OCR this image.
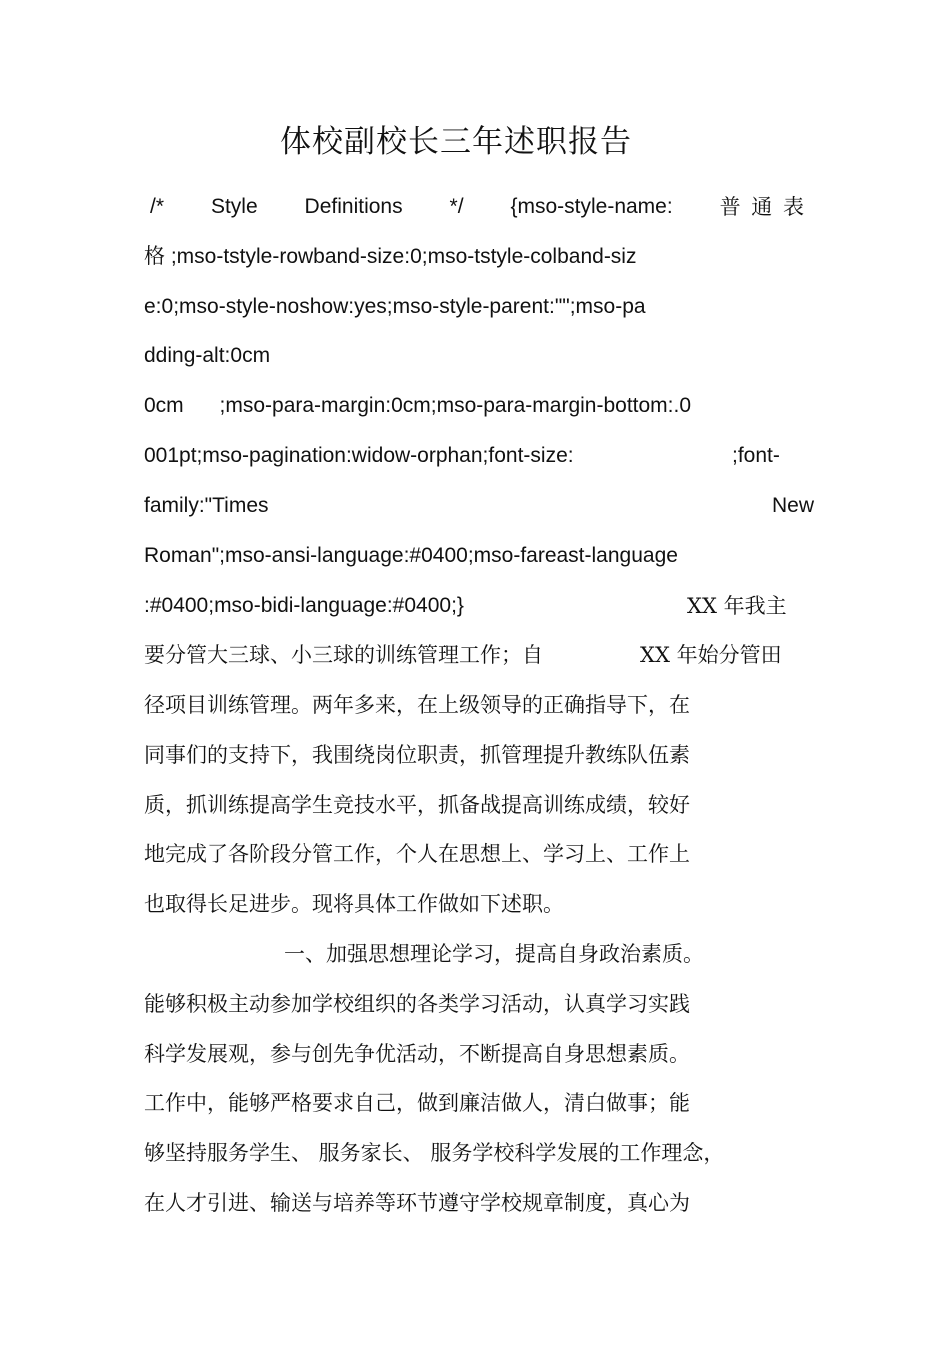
体校副校长三年述职报告
/* Style Definitions */ {mso-style-name: 普 通 表
格 ;mso-tstyle-rowband-size:0;mso-tstyle-colband-siz
e:0;mso-style-noshow:yes;mso-style-parent:"";mso-pa
dding-alt:0cm
0cm ;mso-para-margin:0cm;mso-para-margin-bottom:.0
001pt;mso-pagination:widow-orphan;font-size:	;font-
family:"Times	New
Roman";mso-ansi-language:#0400;mso-fareast-language
:#0400;mso-bidi-language:#0400;}	XX 年我主
要分管大三球、小三球的训练管理工作；自	XX 年始分管田
径项目训练管理。两年多来，在上级领导的正确指导下，在
同事们的支持下，我围绕岗位职责，抓管理提升教练队伍素
质，抓训练提高学生竞技水平，抓备战提高训练成绩，较好
地完成了各阶段分管工作，个人在思想上、学习上、工作上
也取得长足进步。现将具体工作做如下述职。
一、加强思想理论学习，提高自身政治素质。
能够积极主动参加学校组织的各类学习活动，认真学习实践
科学发展观，参与创先争优活动，不断提高自身思想素质。
工作中，能够严格要求自己，做到廉洁做人，清白做事；能
够坚持服务学生、 服务家长、 服务学校科学发展的工作理念，
在人才引进、输送与培养等环节遵守学校规章制度，真心为
